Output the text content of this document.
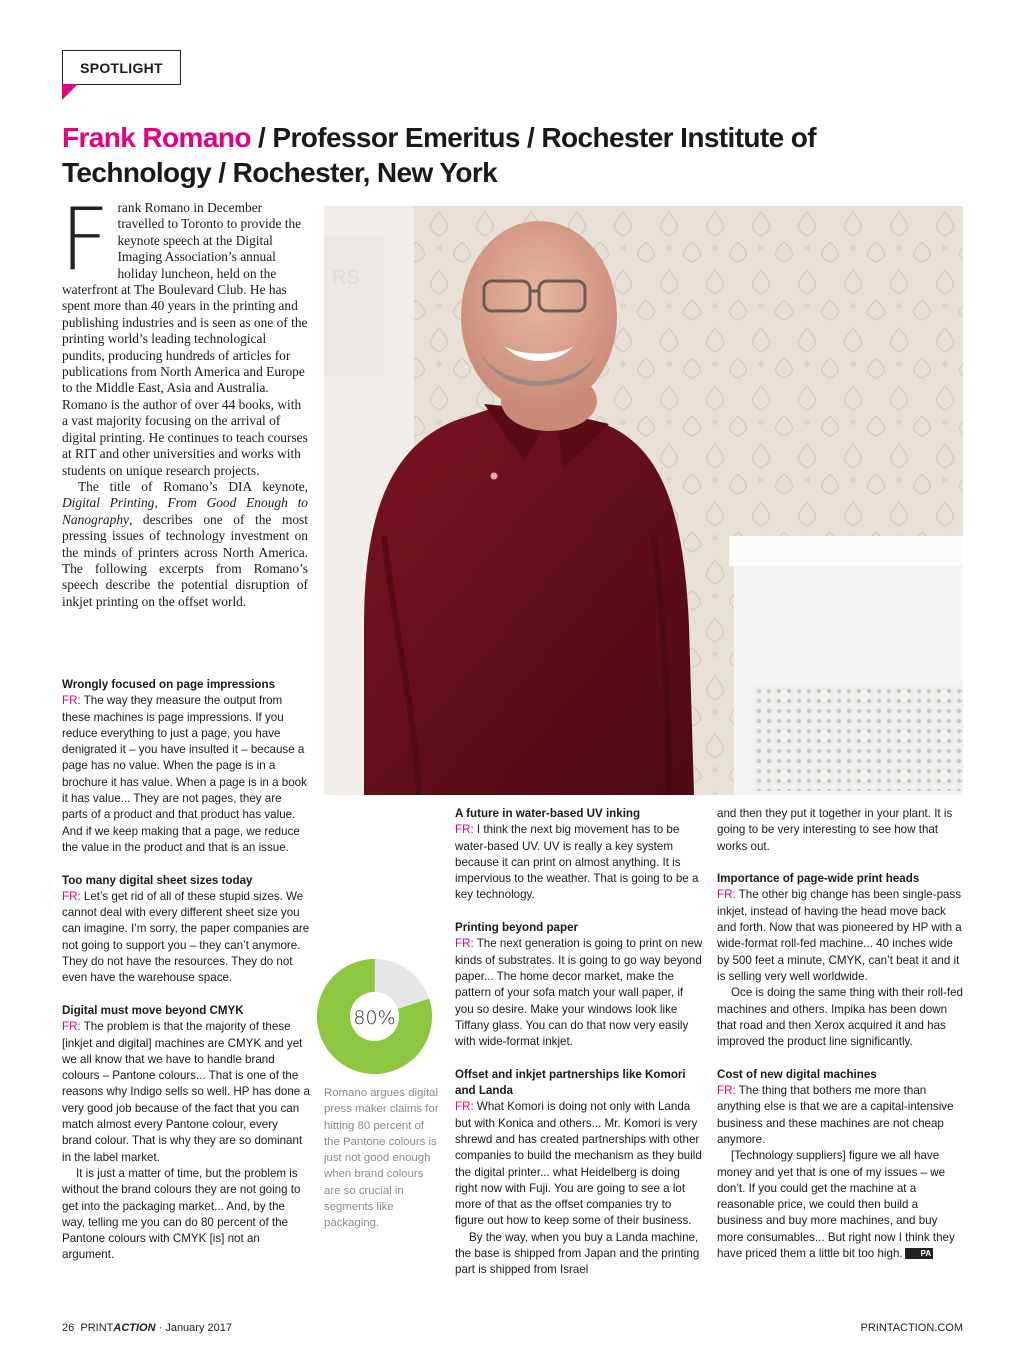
SPOTLIGHT
Frank Romano / Professor Emeritus / Rochester Institute of Technology / Rochester, New York

Frank Romano in December travelled to Toronto to provide the keynote speech at the Digital Imaging Association’s annual holiday luncheon, held on the waterfront at The Boulevard Club. He has spent more than 40 years in the printing and publishing industries and is seen as one of the printing world’s leading technological pundits, producing hundreds of articles for publications from North America and Europe to the Middle East, Asia and Australia. Romano is the author of over 44 books, with a vast majority focusing on the arrival of digital printing. He continues to teach courses at RIT and other universities and works with students on unique research projects.

The title of Romano’s DIA keynote, Digital Printing, From Good Enough to Nanography, describes one of the most pressing issues of technology investment on the minds of printers across North America. The following excerpts from Romano’s speech describe the potential disruption of inkjet printing on the offset world.

RS
Wrongly focused on page impressions

FR: The way they measure the output from these machines is page impressions. If you reduce everything to just a page, you have denigrated it – you have insulted it – because a page has no value. When the page is in a brochure it has value. When a page is in a book it has value... They are not pages, they are parts of a product and that product has value. And if we keep making that a page, we reduce the value in the product and that is an issue.

Too many digital sheet sizes today

FR: Let’s get rid of all of these stupid sizes. We cannot deal with every different sheet size you can imagine. I’m sorry, the paper companies are not going to support you – they can’t anymore. They do not have the resources. They do not even have the warehouse space.

Digital must move beyond CMYK

FR: The problem is that the majority of these [inkjet and digital] machines are CMYK and yet we all know that we have to handle brand colours – Pantone colours... That is one of the reasons why Indigo sells so well. HP has done a very good job because of the fact that you can match almost every Pantone colour, every brand colour. That is why they are so dominant in the label market.

It is just a matter of time, but the problem is without the brand colours they are not going to get into the packaging market... And, by the way, telling me you can do 80 percent of the Pantone colours with CMYK [is] not an argument.

80%
Romano argues digital press maker claims for hitting 80 percent of the Pantone colours is just not good enough when brand colours are so crucial in segments like packaging.
A future in water-based UV inking

FR: I think the next big movement has to be water-based UV. UV is really a key system because it can print on almost anything. It is impervious to the weather. That is going to be a key technology.

Printing beyond paper

FR: The next generation is going to print on new kinds of substrates. It is going to go way beyond paper... The home decor market, make the pattern of your sofa match your wall paper, if you so desire. Make your windows look like Tiffany glass. You can do that now very easily with wide-format inkjet.

Offset and inkjet partnerships like Komori and Landa

FR: What Komori is doing not only with Landa but with Konica and others... Mr. Komori is very shrewd and has created partnerships with other companies to build the mechanism as they build the digital printer... what Heidelberg is doing right now with Fuji. You are going to see a lot more of that as the offset companies try to figure out how to keep some of their business.

By the way, when you buy a Landa machine, the base is shipped from Japan and the printing part is shipped from Israel

and then they put it together in your plant. It is going to be very interesting to see how that works out.

Importance of page-wide print heads

FR: The other big change has been single-pass inkjet, instead of having the head move back and forth. Now that was pioneered by HP with a wide-format roll-fed machine... 40 inches wide by 500 feet a minute, CMYK, can’t beat it and it is selling very well worldwide.

Oce is doing the same thing with their roll-fed machines and others. Impika has been down that road and then Xerox acquired it and has improved the product line significantly.

Cost of new digital machines

FR: The thing that bothers me more than anything else is that we are a capital-intensive business and these machines are not cheap anymore.

[Technology suppliers] figure we all have money and yet that is one of my issues – we don’t. If you could get the machine at a reasonable price, we could then build a business and buy more machines, and buy more consumables... But right now I think they have priced them a little bit too high. PA

26 PRINTACTION · January 2017	PRINTACTION.COM
